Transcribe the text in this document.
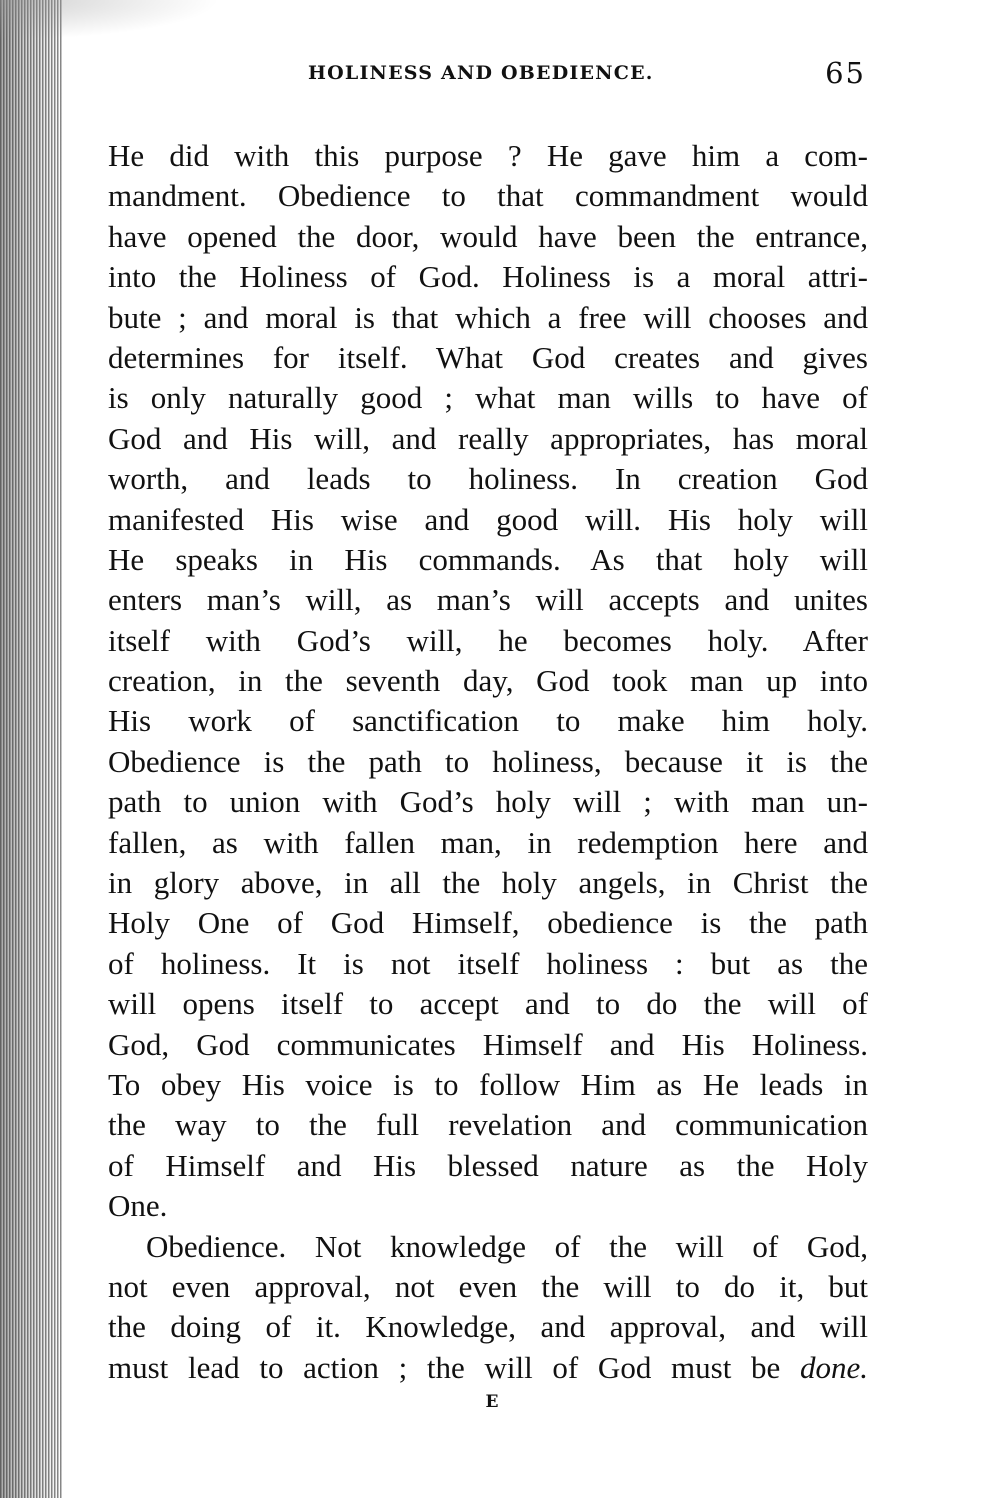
HOLINESS AND OBEDIENCE.	65
He did with this purpose ? He gave him a com-
mandment. Obedience to that commandment would
have opened the door, would have been the entrance,
into the Holiness of God. Holiness is a moral attri-
bute ; and moral is that which a free will chooses and
determines for itself. What God creates and gives
is only naturally good ; what man wills to have of
God and His will, and really appropriates, has moral
worth, and leads to holiness. In creation God
manifested His wise and good will. His holy will
He speaks in His commands. As that holy will
enters man’s will, as man’s will accepts and unites
itself with God’s will, he becomes holy. After
creation, in the seventh day, God took man up into
His work of sanctification to make him holy.
Obedience is the path to holiness, because it is the
path to union with God’s holy will ; with man un-
fallen, as with fallen man, in redemption here and
in glory above, in all the holy angels, in Christ the
Holy One of God Himself, obedience is the path
of holiness. It is not itself holiness : but as the
will opens itself to accept and to do the will of
God, God communicates Himself and His Holiness.
To obey His voice is to follow Him as He leads in
the way to the full revelation and communication
of Himself and His blessed nature as the Holy
One.
Obedience. Not knowledge of the will of God,
not even approval, not even the will to do it, but
the doing of it. Knowledge, and approval, and will
must lead to action ; the will of God must be done.
E
